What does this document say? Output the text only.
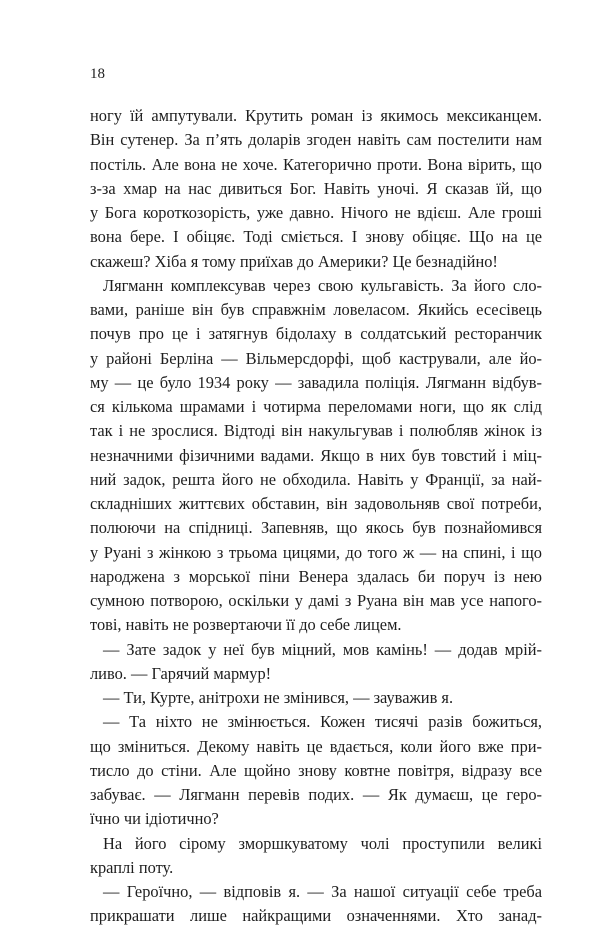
18
ногу їй ампутували. Крутить роман із якимось мексиканцем.
Він сутенер. За п’ять доларів згоден навіть сам постелити нам
постіль. Але вона не хоче. Категорично проти. Вона вірить, що
з-за хмар на нас дивиться Бог. Навіть уночі. Я сказав їй, що
у Бога короткозорість, уже давно. Нічого не вдієш. Але гроші
вона бере. І обіцяє. Тоді сміється. І знову обіцяє. Що на це
скажеш? Хіба я тому приїхав до Америки? Це безнадійно!
Лягманн комплексував через свою кульгавість. За його сло-
вами, раніше він був справжнім ловеласом. Якийсь есесівець
почув про це і затягнув бідолаху в солдатський ресторанчик
у районі Берліна — Вільмерсдорфі, щоб кастрували, але йо-
му — це було 1934 року — завадила поліція. Лягманн відбув-
ся кількома шрамами і чотирма переломами ноги, що як слід
так і не зрослися. Відтоді він накульгував і полюбляв жінок із
незначними фізичними вадами. Якщо в них був товстий і міц-
ний задок, решта його не обходила. Навіть у Франції, за най-
складніших життєвих обставин, він задовольняв свої потреби,
полюючи на спідниці. Запевняв, що якось був познайомився
у Руані з жінкою з трьома цицями, до того ж — на спині, і що
народжена з морської піни Венера здалась би поруч із нею
сумною потворою, оскільки у дамі з Руана він мав усе напого-
тові, навіть не розвертаючи її до себе лицем.
— Зате задок у неї був міцний, мов камінь! — додав мрій-
ливо. — Гарячий мармур!
— Ти, Курте, анітрохи не змінився, — зауважив я.
— Та ніхто не змінюється. Кожен тисячі разів божиться,
що зміниться. Декому навіть це вдається, коли його вже при-
тисло до стіни. Але щойно знову ковтне повітря, відразу все
забуває. — Лягманн перевів подих. — Як думаєш, це геро-
їчно чи ідіотично?
На його сірому зморшкуватому чолі проступили великі
краплі поту.
— Героїчно, — відповів я. — За нашої ситуації себе треба
прикрашати лише найкращими означеннями. Хто занад-
